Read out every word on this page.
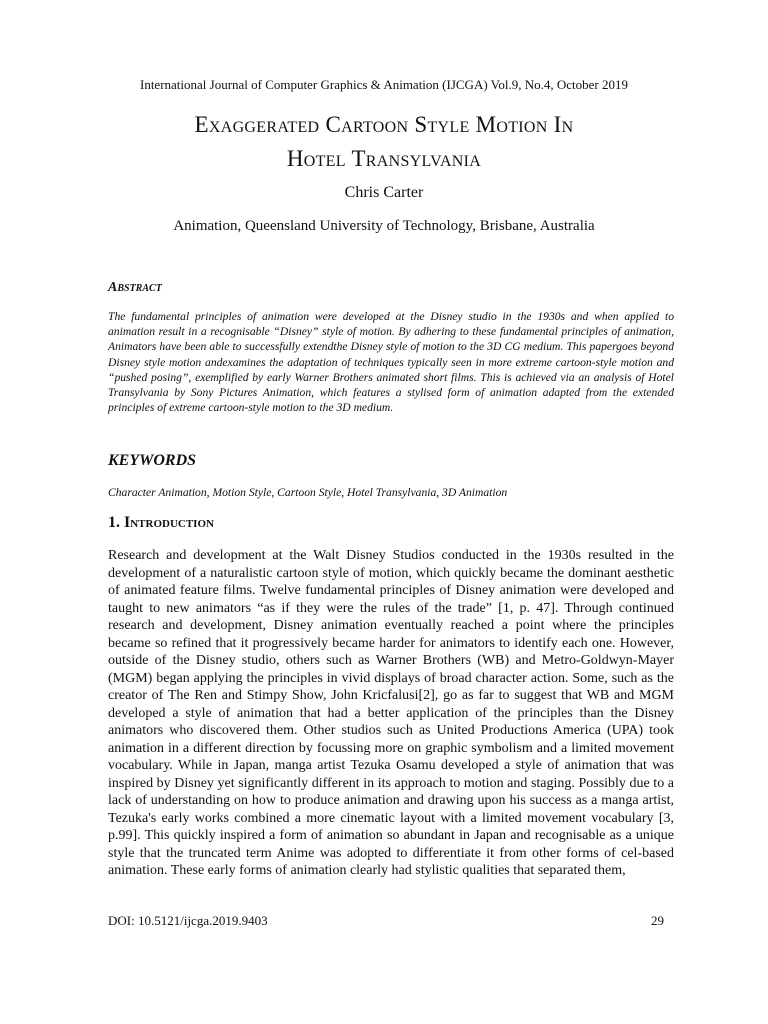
International Journal of Computer Graphics & Animation (IJCGA) Vol.9, No.4, October 2019
Exaggerated Cartoon Style Motion In
Hotel Transylvania
Chris Carter
Animation, Queensland University of Technology, Brisbane, Australia
Abstract
The fundamental principles of animation were developed at the Disney studio in the 1930s and when applied to animation result in a recognisable “Disney” style of motion. By adhering to these fundamental principles of animation, Animators have been able to successfully extendthe Disney style of motion to the 3D CG medium. This papergoes beyond Disney style motion andexamines the adaptation of techniques typically seen in more extreme cartoon-style motion and “pushed posing”, exemplified by early Warner Brothers animated short films. This is achieved via an analysis of Hotel Transylvania by Sony Pictures Animation, which features a stylised form of animation adapted from the extended principles of extreme cartoon-style motion to the 3D medium.
KEYWORDS
Character Animation, Motion Style, Cartoon Style, Hotel Transylvania, 3D Animation
1. Introduction
Research and development at the Walt Disney Studios conducted in the 1930s resulted in the development of a naturalistic cartoon style of motion, which quickly became the dominant aesthetic of animated feature films. Twelve fundamental principles of Disney animation were developed and taught to new animators “as if they were the rules of the trade” [1, p. 47]. Through continued research and development, Disney animation eventually reached a point where the principles became so refined that it progressively became harder for animators to identify each one. However, outside of the Disney studio, others such as Warner Brothers (WB) and Metro-Goldwyn-Mayer (MGM) began applying the principles in vivid displays of broad character action. Some, such as the creator of The Ren and Stimpy Show, John Kricfalusi[2], go as far to suggest that WB and MGM developed a style of animation that had a better application of the principles than the Disney animators who discovered them. Other studios such as United Productions America (UPA) took animation in a different direction by focussing more on graphic symbolism and a limited movement vocabulary. While in Japan, manga artist Tezuka Osamu developed a style of animation that was inspired by Disney yet significantly different in its approach to motion and staging. Possibly due to a lack of understanding on how to produce animation and drawing upon his success as a manga artist, Tezuka's early works combined a more cinematic layout with a limited movement vocabulary [3, p.99]. This quickly inspired a form of animation so abundant in Japan and recognisable as a unique style that the truncated term Anime was adopted to differentiate it from other forms of cel-based animation. These early forms of animation clearly had stylistic qualities that separated them,
DOI: 10.5121/ijcga.2019.9403	29
